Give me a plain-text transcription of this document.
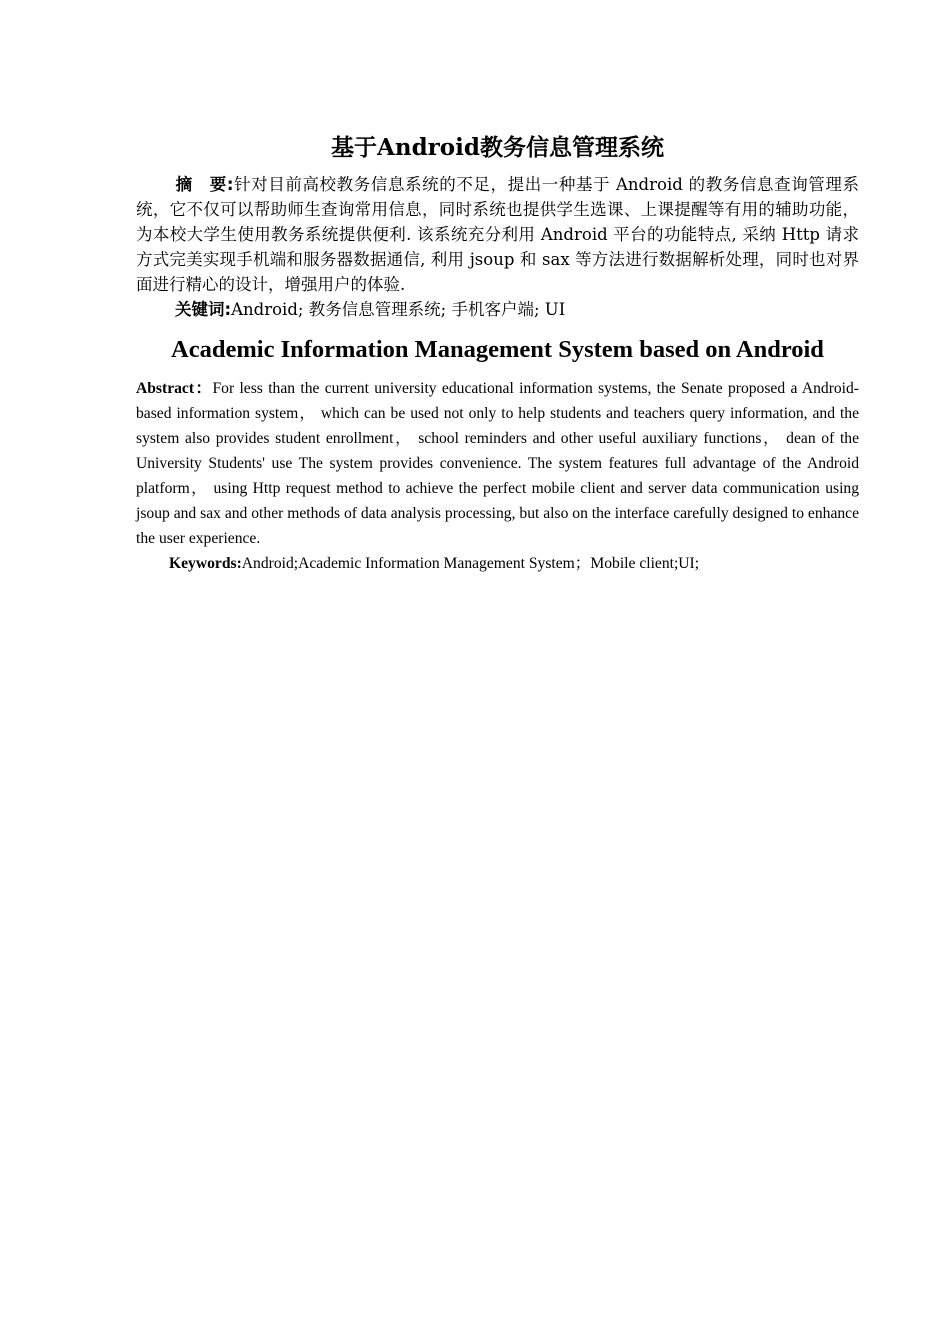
基于Android教务信息管理系统

摘　要:针对目前高校教务信息系统的不足，提出一种基于 Android 的教务信息查询管理系统，它不仅可以帮助师生查询常用信息，同时系统也提供学生选课、上课提醒等有用的辅助功能，为本校大学生使用教务系统提供便利. 该系统充分利用 Android 平台的功能特点, 采纳 Http 请求方式完美实现手机端和服务器数据通信, 利用 jsoup 和 sax 等方法进行数据解析处理，同时也对界面进行精心的设计，增强用户的体验.

关键词:Android; 教务信息管理系统; 手机客户端; UI

Academic Information Management System based on Android

Abstract：For less than the current university educational information systems, the Senate proposed a Android-based information system， which can be used not only to help students and teachers query information, and the system also provides student enrollment， school reminders and other useful auxiliary functions， dean of the University Students' use The system provides convenience. The system features full advantage of the Android platform， using Http request method to achieve the perfect mobile client and server data communication using jsoup and sax and other methods of data analysis processing, but also on the interface carefully designed to enhance the user experience.

Keywords:Android;Academic Information Management System；Mobile client;UI;
